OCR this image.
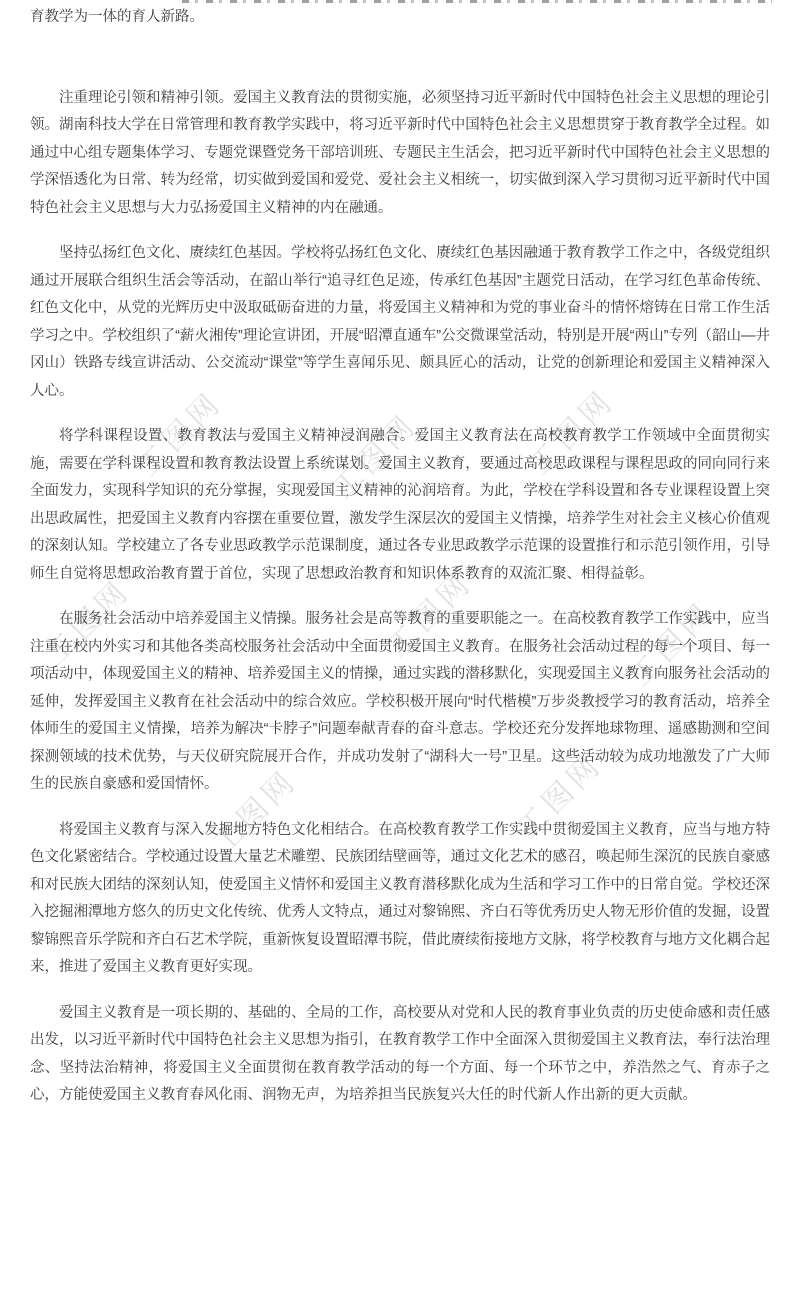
工图网	工图网	工图网
工图网	工图网	工图网
工图网	工图网

育教学为一体的育人新路。

注重理论引领和精神引领。爱国主义教育法的贯彻实施，必须坚持习近平新时代中国特色社会主义思想的理论引领。湖南科技大学在日常管理和教育教学实践中，将习近平新时代中国特色社会主义思想贯穿于教育教学全过程。如通过中心组专题集体学习、专题党课暨党务干部培训班、专题民主生活会，把习近平新时代中国特色社会主义思想的学深悟透化为日常、转为经常，切实做到爱国和爱党、爱社会主义相统一，切实做到深入学习贯彻习近平新时代中国特色社会主义思想与大力弘扬爱国主义精神的内在融通。

坚持弘扬红色文化、赓续红色基因。学校将弘扬红色文化、赓续红色基因融通于教育教学工作之中，各级党组织通过开展联合组织生活会等活动，在韶山举行“追寻红色足迹，传承红色基因”主题党日活动，在学习红色革命传统、红色文化中，从党的光辉历史中汲取砥砺奋进的力量，将爱国主义精神和为党的事业奋斗的情怀熔铸在日常工作生活学习之中。学校组织了“薪火湘传”理论宣讲团，开展“昭潭直通车”公交微课堂活动，特别是开展“两山”专列（韶山—井冈山）铁路专线宣讲活动、公交流动“课堂”等学生喜闻乐见、颇具匠心的活动，让党的创新理论和爱国主义精神深入人心。

将学科课程设置、教育教法与爱国主义精神浸润融合。爱国主义教育法在高校教育教学工作领域中全面贯彻实施，需要在学科课程设置和教育教法设置上系统谋划。爱国主义教育，要通过高校思政课程与课程思政的同向同行来全面发力，实现科学知识的充分掌握，实现爱国主义精神的沁润培育。为此，学校在学科设置和各专业课程设置上突出思政属性，把爱国主义教育内容摆在重要位置，激发学生深层次的爱国主义情操，培养学生对社会主义核心价值观的深刻认知。学校建立了各专业思政教学示范课制度，通过各专业思政教学示范课的设置推行和示范引领作用，引导师生自觉将思想政治教育置于首位，实现了思想政治教育和知识体系教育的双流汇聚、相得益彰。

在服务社会活动中培养爱国主义情操。服务社会是高等教育的重要职能之一。在高校教育教学工作实践中，应当注重在校内外实习和其他各类高校服务社会活动中全面贯彻爱国主义教育。在服务社会活动过程的每一个项目、每一项活动中，体现爱国主义的精神、培养爱国主义的情操，通过实践的潜移默化，实现爱国主义教育向服务社会活动的延伸，发挥爱国主义教育在社会活动中的综合效应。学校积极开展向“时代楷模”万步炎教授学习的教育活动，培养全体师生的爱国主义情操，培养为解决“卡脖子”问题奉献青春的奋斗意志。学校还充分发挥地球物理、遥感勘测和空间探测领域的技术优势，与天仪研究院展开合作，并成功发射了“湖科大一号”卫星。这些活动较为成功地激发了广大师生的民族自豪感和爱国情怀。

将爱国主义教育与深入发掘地方特色文化相结合。在高校教育教学工作实践中贯彻爱国主义教育，应当与地方特色文化紧密结合。学校通过设置大量艺术雕塑、民族团结壁画等，通过文化艺术的感召，唤起师生深沉的民族自豪感和对民族大团结的深刻认知，使爱国主义情怀和爱国主义教育潜移默化成为生活和学习工作中的日常自觉。学校还深入挖掘湘潭地方悠久的历史文化传统、优秀人文特点，通过对黎锦熙、齐白石等优秀历史人物无形价值的发掘，设置黎锦熙音乐学院和齐白石艺术学院，重新恢复设置昭潭书院，借此赓续衔接地方文脉，将学校教育与地方文化耦合起来，推进了爱国主义教育更好实现。

爱国主义教育是一项长期的、基础的、全局的工作，高校要从对党和人民的教育事业负责的历史使命感和责任感出发，以习近平新时代中国特色社会主义思想为指引，在教育教学工作中全面深入贯彻爱国主义教育法，奉行法治理念、坚持法治精神，将爱国主义全面贯彻在教育教学活动的每一个方面、每一个环节之中，养浩然之气、育赤子之心，方能使爱国主义教育春风化雨、润物无声，为培养担当民族复兴大任的时代新人作出新的更大贡献。
